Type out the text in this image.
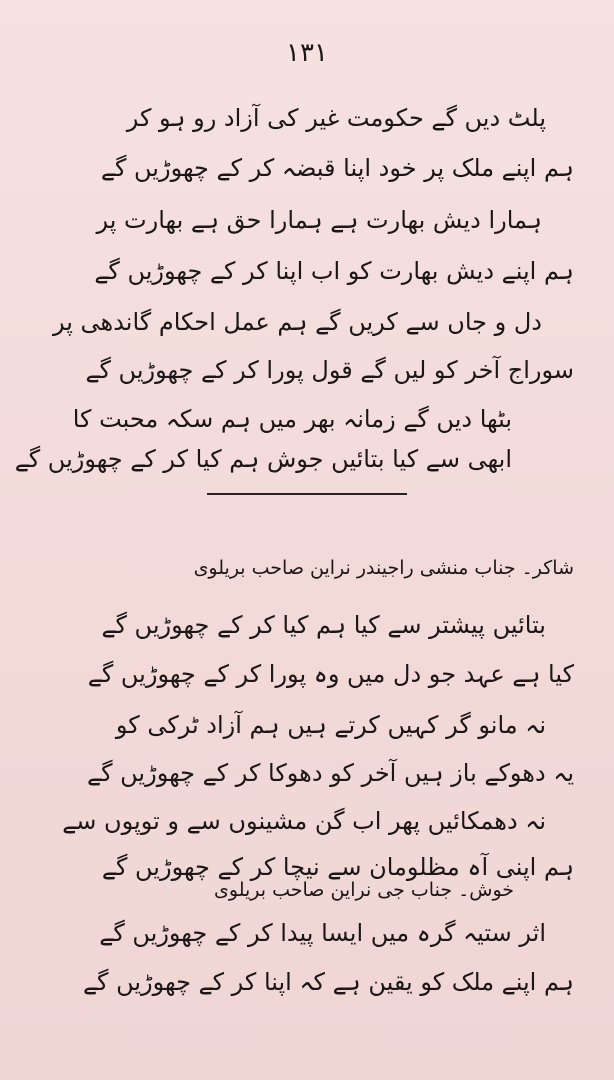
۱۳۱
پلٹ دیں گے حکومت غیر کی آزاد رو ہو کر
ہم اپنے ملک پر خود اپنا قبضہ کر کے چھوڑیں گے
ہمارا دیش بھارت ہے ہمارا حق ہے بھارت پر
ہم اپنے دیش بھارت کو اب اپنا کر کے چھوڑیں گے
دل و جاں سے کریں گے ہم عمل احکام گاندھی پر
سوراج آخر کو لیں گے قول پورا کر کے چھوڑیں گے
بٹھا دیں گے زمانہ بھر میں ہم سکہ محبت کا
ابھی سے کیا بتائیں جوش ہم کیا کر کے چھوڑیں گے
شاکر۔ جناب منشی راجیندر نراین صاحب بریلوی
بتائیں پیشتر سے کیا ہم کیا کر کے چھوڑیں گے
کیا ہے عہد جو دل میں وہ پورا کر کے چھوڑیں گے
نہ مانو گر کہیں کرتے ہیں ہم آزاد ٹرکی کو
یہ دھوکے باز ہیں آخر کو دھوکا کر کے چھوڑیں گے
نہ دھمکائیں پھر اب گن مشینوں سے و توپوں سے
ہم اپنی آہ مظلومان سے نیچا کر کے چھوڑیں گے
خوش۔ جناب جی نراین صاحب بریلوی
اثر ستیہ گرہ میں ایسا پیدا کر کے چھوڑیں گے
ہم اپنے ملک کو یقین ہے کہ اپنا کر کے چھوڑیں گے
